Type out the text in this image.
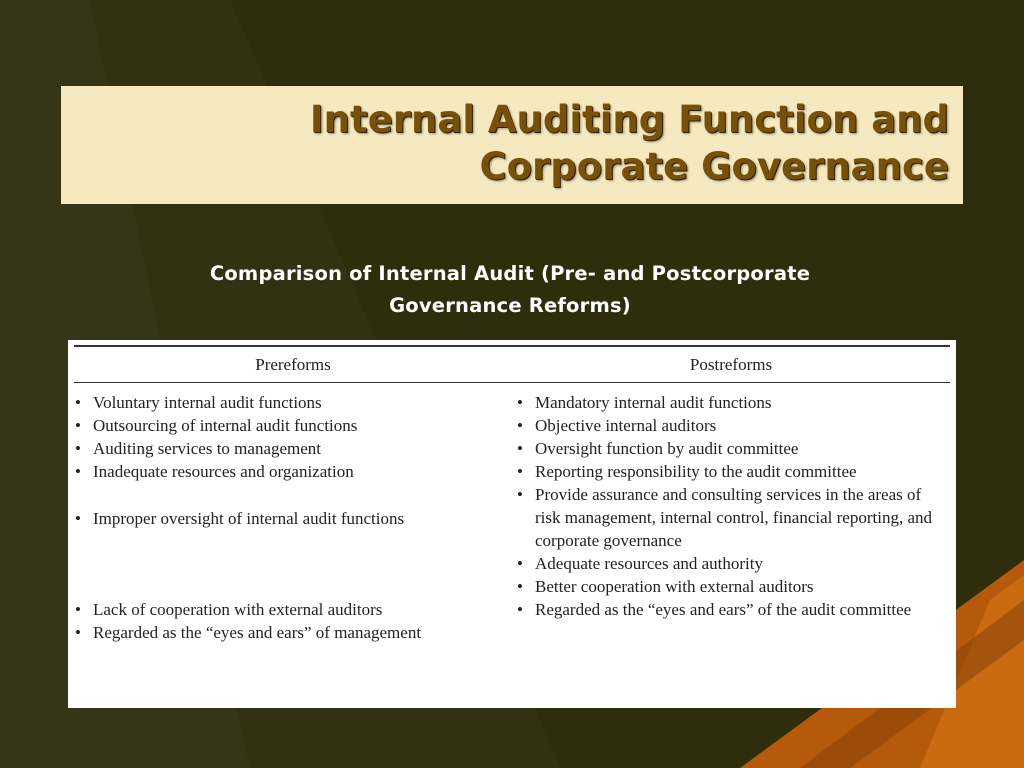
Internal Auditing Function and
Corporate Governance
Comparison of Internal Audit (Pre- and Postcorporate
Governance Reforms)
Prereforms	Postreforms
• Voluntary internal audit functions
• Outsourcing of internal audit functions
• Auditing services to management
• Inadequate resources and organization
• Improper oversight of internal audit functions
• Lack of cooperation with external auditors
• Regarded as the “eyes and ears” of management
• Mandatory internal audit functions
• Objective internal auditors
• Oversight function by audit committee
• Reporting responsibility to the audit committee
• Provide assurance and consulting services in the areas of risk management, internal control, financial reporting, and corporate governance
• Adequate resources and authority
• Better cooperation with external auditors
• Regarded as the “eyes and ears” of the audit committee
